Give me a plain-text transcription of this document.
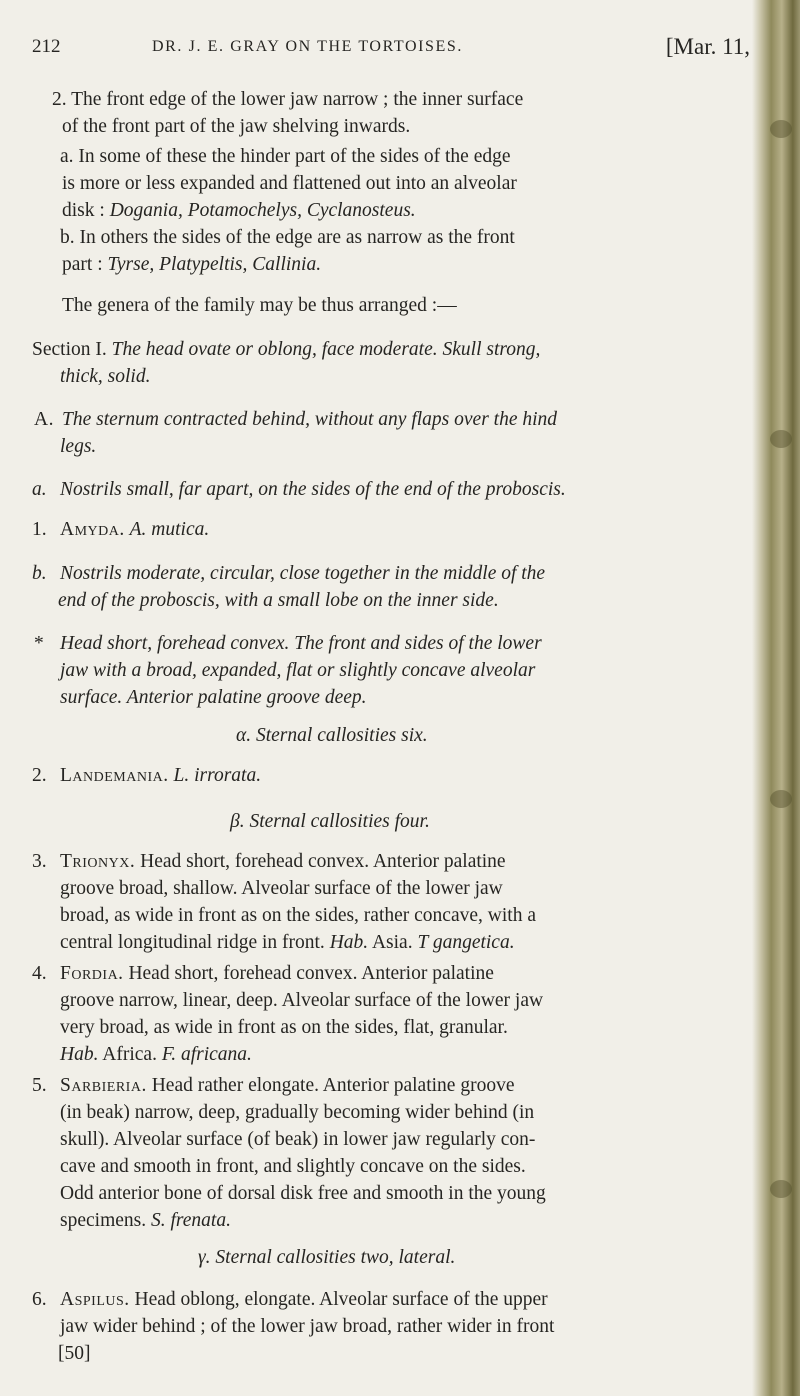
212	DR. J. E. GRAY ON THE TORTOISES.	[Mar. 11,
2. The front edge of the lower jaw narrow ; the inner surface
of the front part of the jaw shelving inwards.
a. In some of these the hinder part of the sides of the edge
is more or less expanded and flattened out into an alveolar
disk : Dogania, Potamochelys, Cyclanosteus.
b. In others the sides of the edge are as narrow as the front
part : Tyrse, Platypeltis, Callinia.
The genera of the family may be thus arranged :—
Section I. The head ovate or oblong, face moderate. Skull strong,
thick, solid.
A. The sternum contracted behind, without any flaps over the hind
legs.
a. Nostrils small, far apart, on the sides of the end of the proboscis.
1. Amyda. A. mutica.
b. Nostrils moderate, circular, close together in the middle of the
end of the proboscis, with a small lobe on the inner side.
* Head short, forehead convex. The front and sides of the lower
jaw with a broad, expanded, flat or slightly concave alveolar
surface. Anterior palatine groove deep.
α. Sternal callosities six.
2. Landemania. L. irrorata.
β. Sternal callosities four.
3. Trionyx. Head short, forehead convex. Anterior palatine
groove broad, shallow. Alveolar surface of the lower jaw
broad, as wide in front as on the sides, rather concave, with a
central longitudinal ridge in front. Hab. Asia. T gangetica.
4. Fordia. Head short, forehead convex. Anterior palatine
groove narrow, linear, deep. Alveolar surface of the lower jaw
very broad, as wide in front as on the sides, flat, granular.
Hab. Africa. F. africana.
5. Sarbieria. Head rather elongate. Anterior palatine groove
(in beak) narrow, deep, gradually becoming wider behind (in
skull). Alveolar surface (of beak) in lower jaw regularly con-
cave and smooth in front, and slightly concave on the sides.
Odd anterior bone of dorsal disk free and smooth in the young
specimens. S. frenata.
γ. Sternal callosities two, lateral.
6. Aspilus. Head oblong, elongate. Alveolar surface of the upper
jaw wider behind ; of the lower jaw broad, rather wider in front
[50]
